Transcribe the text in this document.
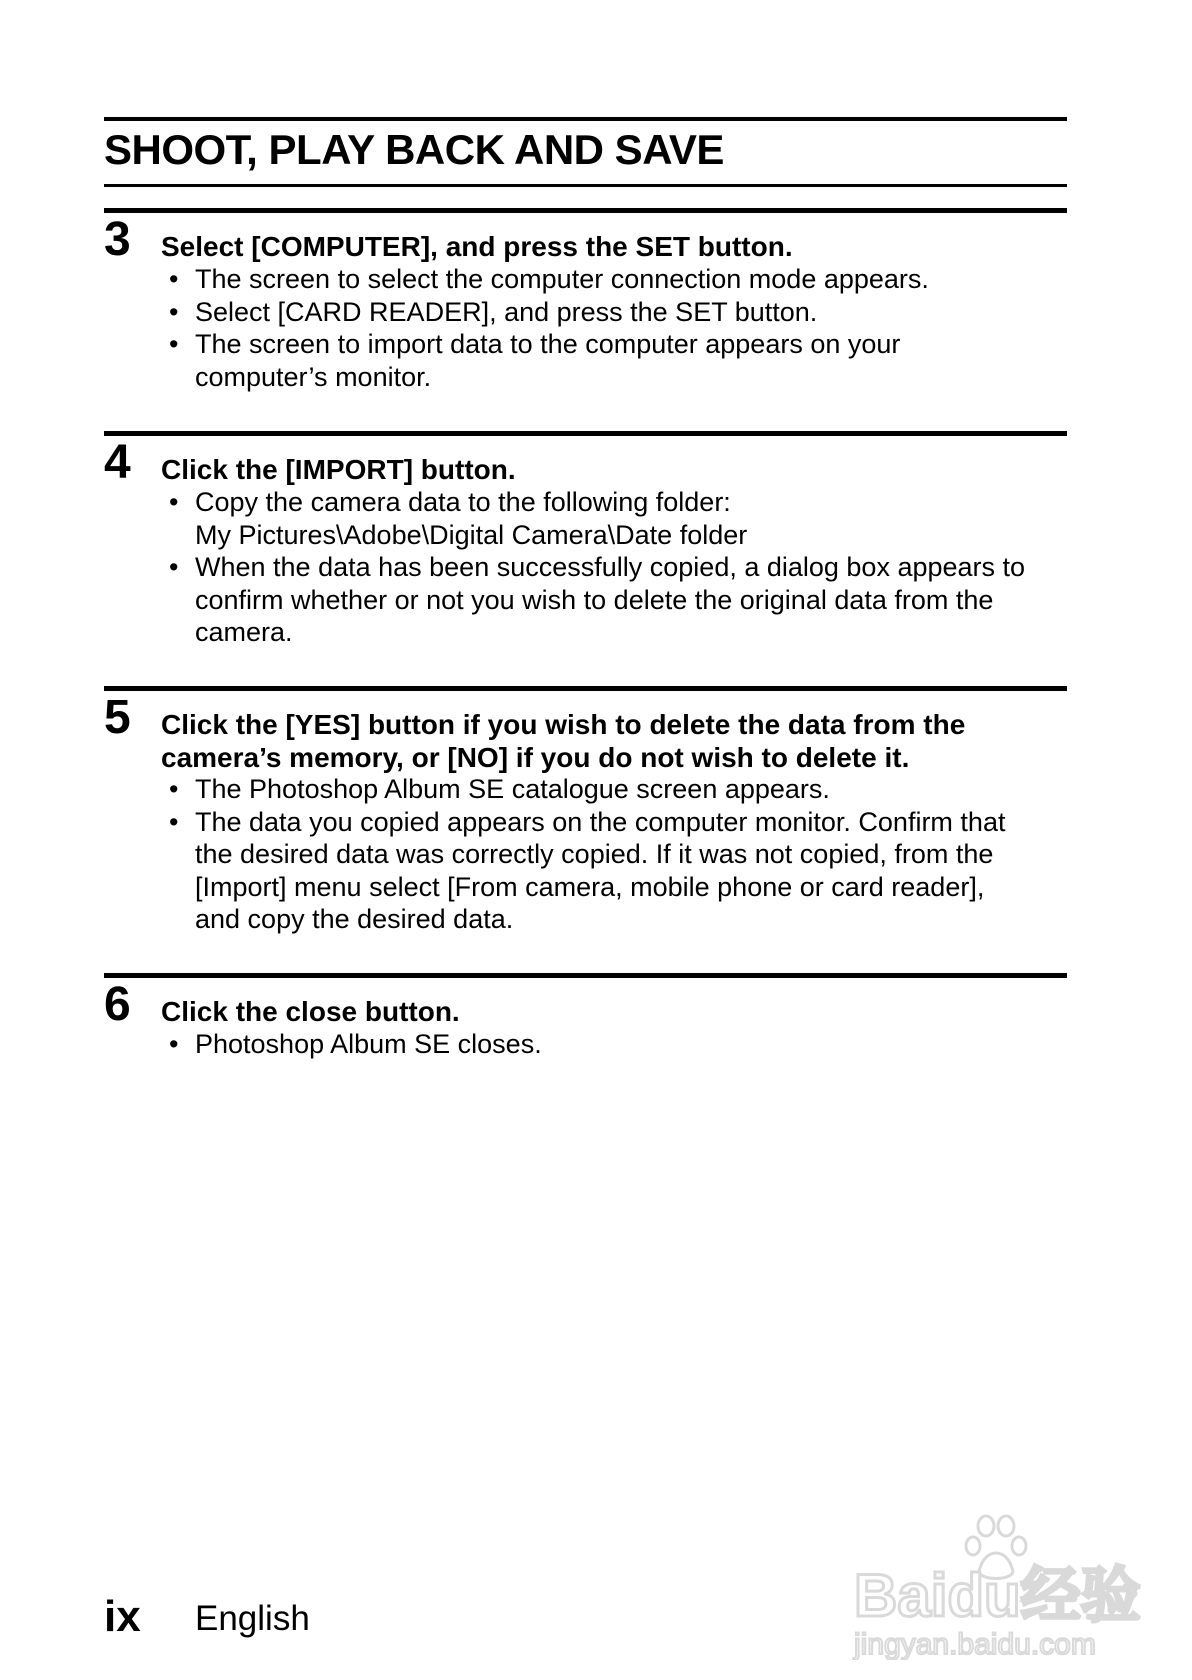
SHOOT, PLAY BACK AND SAVE
3 Select [COMPUTER], and press the SET button.
• The screen to select the computer connection mode appears.
• Select [CARD READER], and press the SET button.
• The screen to import data to the computer appears on your
computer’s monitor.
4 Click the [IMPORT] button.
• Copy the camera data to the following folder:
My Pictures\Adobe\Digital Camera\Date folder
• When the data has been successfully copied, a dialog box appears to
confirm whether or not you wish to delete the original data from the
camera.
5 Click the [YES] button if you wish to delete the data from the camera’s memory, or [NO] if you do not wish to delete it.
• The Photoshop Album SE catalogue screen appears.
• The data you copied appears on the computer monitor. Confirm that
the desired data was correctly copied. If it was not copied, from the
[Import] menu select [From camera, mobile phone or card reader],
and copy the desired data.
6 Click the close button.
• Photoshop Album SE closes.
ix English	Baidu经验
jingyan.baidu.com
